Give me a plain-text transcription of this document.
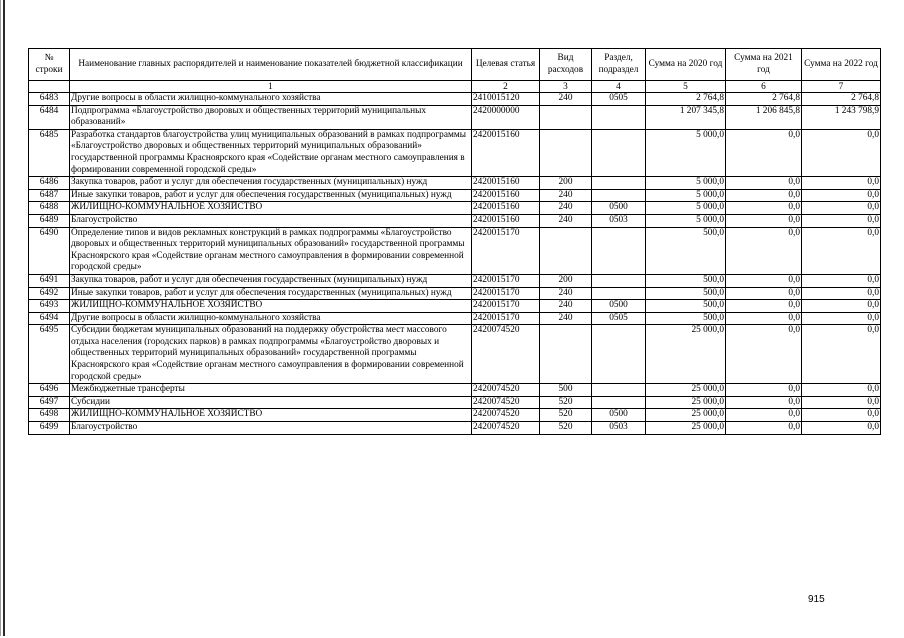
№ строки	Наименование главных распорядителей и наименование показателей бюджетной классификации	Целевая статья	Вид расходов	Раздел, подраздел	Сумма на 2020 год	Сумма на 2021 год	Сумма на 2022 год
	1	2	3	4	5	6	7
6483	Другие вопросы в области жилищно-коммунального хозяйства	2410015120	240	0505	2 764,8	2 764,8	2 764,8
6484	Подпрограмма «Благоустройство дворовых и общественных территорий муниципальных образований»	2420000000			1 207 345,8	1 206 845,8	1 243 798,9
6485	Разработка стандартов благоустройства улиц муниципальных образований в рамках подпрограммы «Благоустройство дворовых и общественных территорий муниципальных образований» государственной программы Красноярского края «Содействие органам местного самоуправления в формировании современной городской среды»	2420015160			5 000,0	0,0	0,0
6486	Закупка товаров, работ и услуг для обеспечения государственных (муниципальных) нужд	2420015160	200		5 000,0	0,0	0,0
6487	Иные закупки товаров, работ и услуг для обеспечения государственных (муниципальных) нужд	2420015160	240		5 000,0	0,0	0,0
6488	ЖИЛИЩНО-КОММУНАЛЬНОЕ ХОЗЯЙСТВО	2420015160	240	0500	5 000,0	0,0	0,0
6489	Благоустройство	2420015160	240	0503	5 000,0	0,0	0,0
6490	Определение типов и видов рекламных конструкций в рамках подпрограммы «Благоустройство дворовых и общественных территорий муниципальных образований» государственной программы Красноярского края «Содействие органам местного самоуправления в формировании современной городской среды»	2420015170			500,0	0,0	0,0
6491	Закупка товаров, работ и услуг для обеспечения государственных (муниципальных) нужд	2420015170	200		500,0	0,0	0,0
6492	Иные закупки товаров, работ и услуг для обеспечения государственных (муниципальных) нужд	2420015170	240		500,0	0,0	0,0
6493	ЖИЛИЩНО-КОММУНАЛЬНОЕ ХОЗЯЙСТВО	2420015170	240	0500	500,0	0,0	0,0
6494	Другие вопросы в области жилищно-коммунального хозяйства	2420015170	240	0505	500,0	0,0	0,0
6495	Субсидии бюджетам муниципальных образований на поддержку обустройства мест массового отдыха населения (городских парков) в рамках подпрограммы «Благоустройство дворовых и общественных территорий муниципальных образований» государственной программы Красноярского края «Содействие органам местного самоуправления в формировании современной городской среды»	2420074520			25 000,0	0,0	0,0
6496	Межбюджетные трансферты	2420074520	500		25 000,0	0,0	0,0
6497	Субсидии	2420074520	520		25 000,0	0,0	0,0
6498	ЖИЛИЩНО-КОММУНАЛЬНОЕ ХОЗЯЙСТВО	2420074520	520	0500	25 000,0	0,0	0,0
6499	Благоустройство	2420074520	520	0503	25 000,0	0,0	0,0
915
